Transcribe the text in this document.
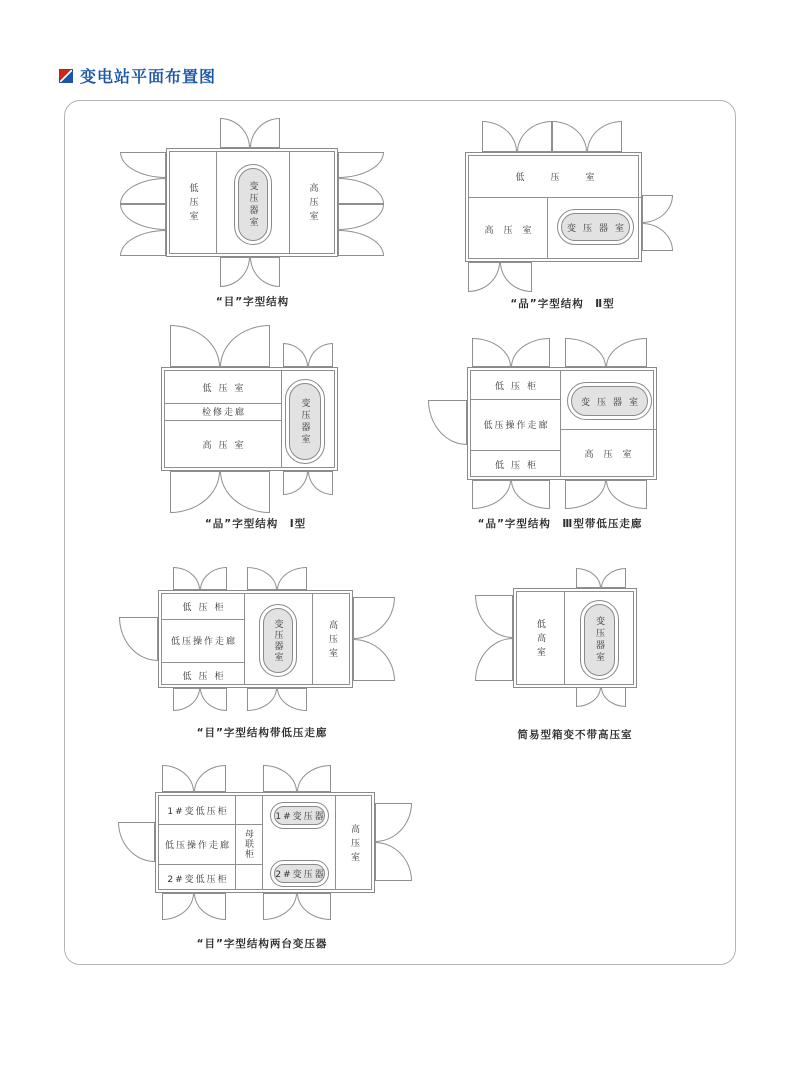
变电站平面布置图
低压室	高压室
变压器室
“目”字型结构
低压室
高压室	变压器室
“品”字型结构　Ⅱ型
低压室
检修走廊
高压室
变压器室
“品”字型结构　Ⅰ型
低压柜
低压操作走廊
低压柜
高压室
变压器室
“品”字型结构　Ⅲ型带低压走廊
低压柜
低压操作走廊
低压柜
高压室
变压器室
“目”字型结构带低压走廊
低高室	变压器室
简易型箱变不带高压室
1#变低压柜
低压操作走廊
2#变低压柜
母联柜	高压室
1#变压器
2#变压器
“目”字型结构两台变压器
